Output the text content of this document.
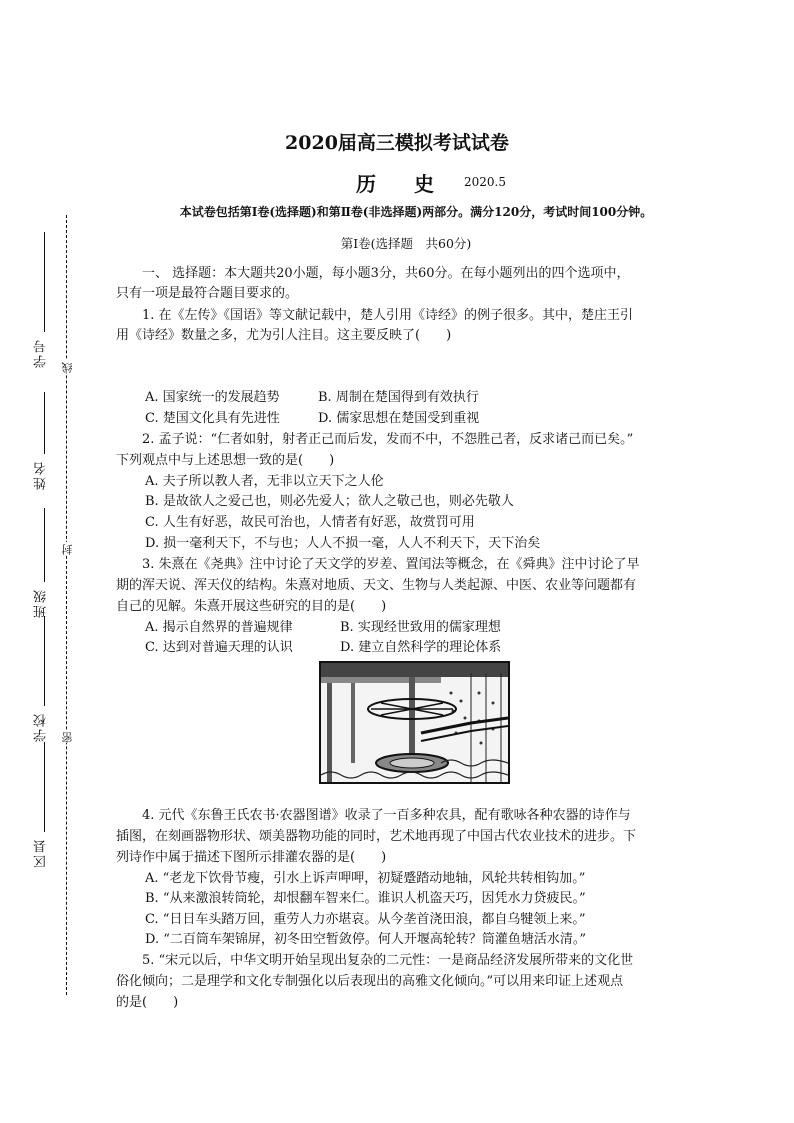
学号
姓名
班级
学校
区县
线
封
密
2020届高三模拟考试试卷
历史
2020.5
本试卷包括第Ⅰ卷(选择题)和第Ⅱ卷(非选择题)两部分。满分120分，考试时间100分钟。
第Ⅰ卷(选择题　共60分)
一、 选择题：本大题共20小题，每小题3分，共60分。在每小题列出的四个选项中，
只有一项是最符合题目要求的。
1. 在《左传》《国语》等文献记载中，楚人引用《诗经》的例子很多。其中，楚庄王引
用《诗经》数量之多，尤为引人注目。这主要反映了(　　)
A. 国家统一的发展趋势	B. 周制在楚国得到有效执行
C. 楚国文化具有先进性	D. 儒家思想在楚国受到重视
2. 孟子说：“仁者如射，射者正己而后发，发而不中，不怨胜己者，反求诸己而已矣。”
下列观点中与上述思想一致的是(　　)
A. 夫子所以教人者，无非以立天下之人伦
B. 是故欲人之爱己也，则必先爱人；欲人之敬己也，则必先敬人
C. 人生有好恶，故民可治也，人情者有好恶，故赏罚可用
D. 损一毫利天下，不与也；人人不损一毫，人人不利天下，天下治矣
3. 朱熹在《尧典》注中讨论了天文学的岁差、置闰法等概念，在《舜典》注中讨论了早
期的浑天说、浑天仪的结构。朱熹对地质、天文、生物与人类起源、中医、农业等问题都有
自己的见解。朱熹开展这些研究的目的是(　　)
A. 揭示自然界的普遍规律	B. 实现经世致用的儒家理想
C. 达到对普遍天理的认识	D. 建立自然科学的理论体系
4. 元代《东鲁王氏农书·农器图谱》收录了一百多种农具，配有歌咏各种农器的诗作与
插图，在刻画器物形状、颂美器物功能的同时，艺术地再现了中国古代农业技术的进步。下
列诗作中属于描述下图所示排灌农器的是(　　)
A. “老龙下饮骨节瘦，引水上诉声呷呷，初疑蹙踏动地轴，风轮共转相钩加。”
B. “从来激浪转筒轮，却恨翻车智来仁。谁识人机盗天巧，因凭水力贷疲民。”
C. “日日车头踏万回，重劳人力亦堪哀。从今垄首浇田浪，都自乌犍领上来。”
D. “二百筒车架锦屏，初冬田空暂敛停。何人开堰高轮转？筒灌鱼塘活水清。”
5. “宋元以后，中华文明开始呈现出复杂的二元性：一是商品经济发展所带来的文化世
俗化倾向；二是理学和文化专制强化以后表现出的高雅文化倾向。”可以用来印证上述观点
的是(　　)
